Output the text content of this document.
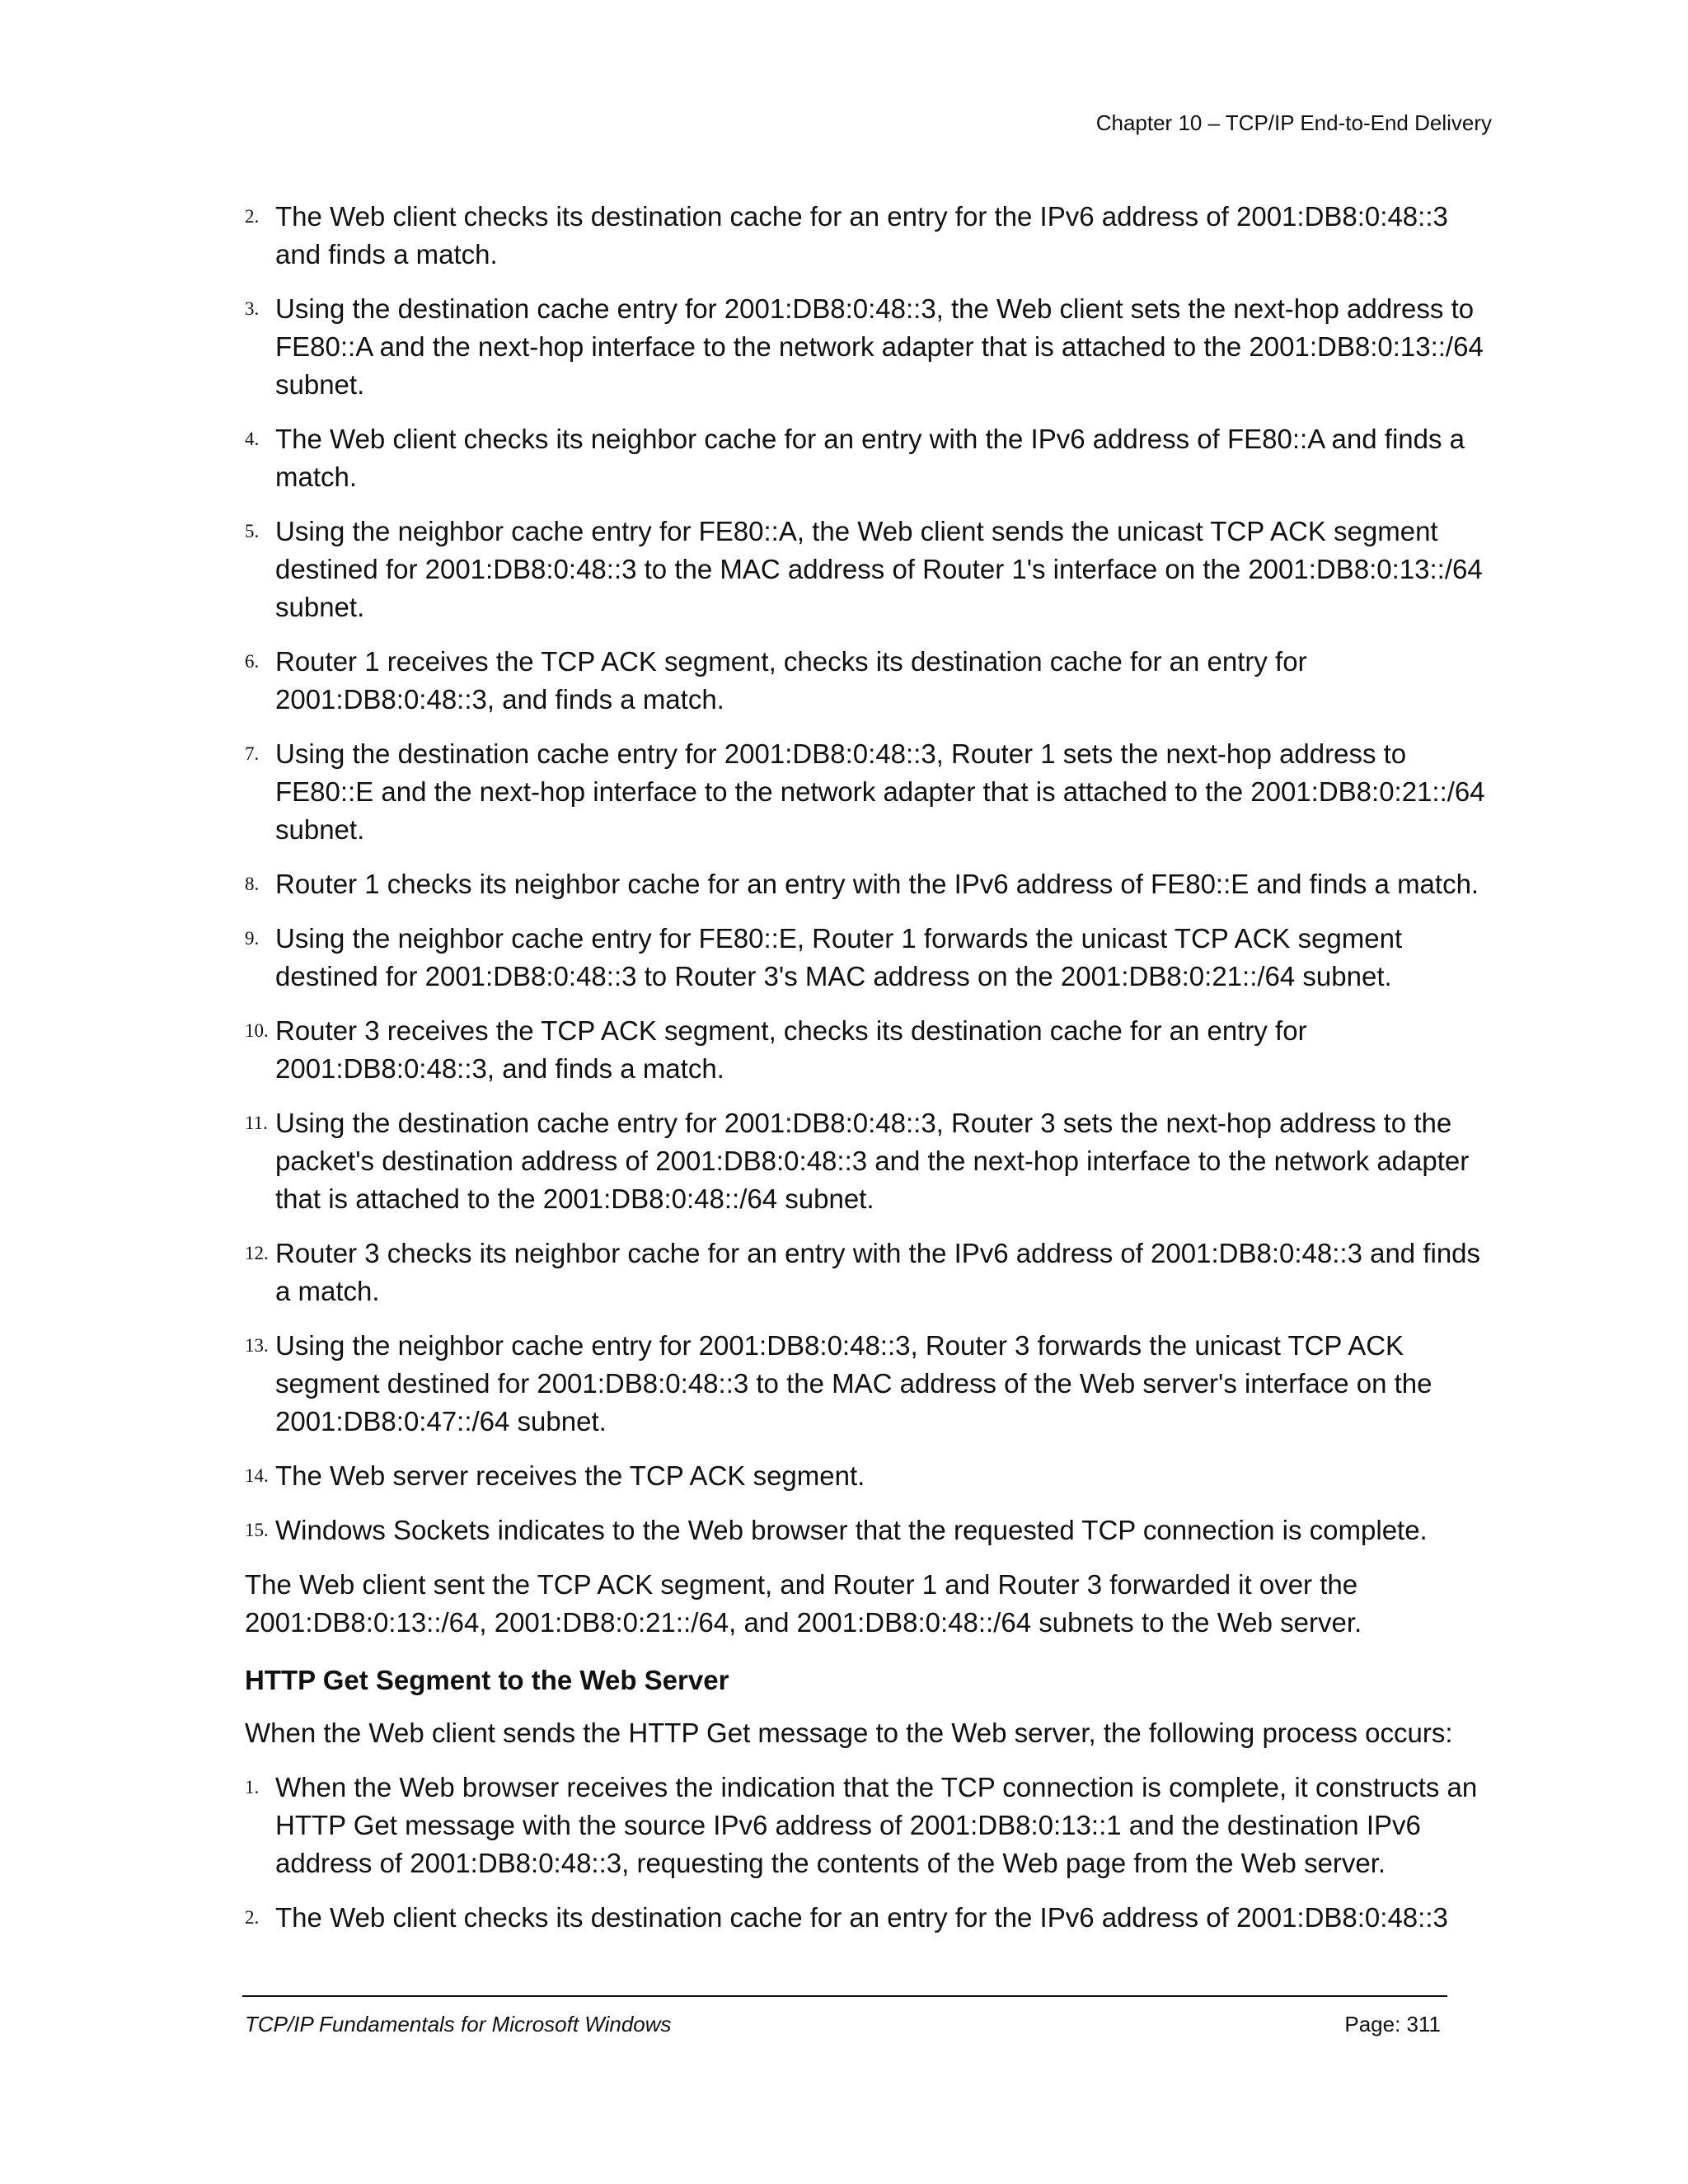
Chapter 10 – TCP/IP End-to-End Delivery
2. The Web client checks its destination cache for an entry for the IPv6 address of 2001:DB8:0:48::3 and finds a match.
3. Using the destination cache entry for 2001:DB8:0:48::3, the Web client sets the next-hop address to FE80::A and the next-hop interface to the network adapter that is attached to the 2001:DB8:0:13::/64 subnet.
4. The Web client checks its neighbor cache for an entry with the IPv6 address of FE80::A and finds a match.
5. Using the neighbor cache entry for FE80::A, the Web client sends the unicast TCP ACK segment destined for 2001:DB8:0:48::3 to the MAC address of Router 1's interface on the 2001:DB8:0:13::/64 subnet.
6. Router 1 receives the TCP ACK segment, checks its destination cache for an entry for 2001:DB8:0:48::3, and finds a match.
7. Using the destination cache entry for 2001:DB8:0:48::3, Router 1 sets the next-hop address to FE80::E and the next-hop interface to the network adapter that is attached to the 2001:DB8:0:21::/64 subnet.
8. Router 1 checks its neighbor cache for an entry with the IPv6 address of FE80::E and finds a match.
9. Using the neighbor cache entry for FE80::E, Router 1 forwards the unicast TCP ACK segment destined for 2001:DB8:0:48::3 to Router 3's MAC address on the 2001:DB8:0:21::/64 subnet.
10. Router 3 receives the TCP ACK segment, checks its destination cache for an entry for 2001:DB8:0:48::3, and finds a match.
11. Using the destination cache entry for 2001:DB8:0:48::3, Router 3 sets the next-hop address to the packet's destination address of 2001:DB8:0:48::3 and the next-hop interface to the network adapter that is attached to the 2001:DB8:0:48::/64 subnet.
12. Router 3 checks its neighbor cache for an entry with the IPv6 address of 2001:DB8:0:48::3 and finds a match.
13. Using the neighbor cache entry for 2001:DB8:0:48::3, Router 3 forwards the unicast TCP ACK segment destined for 2001:DB8:0:48::3 to the MAC address of the Web server's interface on the 2001:DB8:0:47::/64 subnet.
14. The Web server receives the TCP ACK segment.
15. Windows Sockets indicates to the Web browser that the requested TCP connection is complete.

The Web client sent the TCP ACK segment, and Router 1 and Router 3 forwarded it over the 2001:DB8:0:13::/64, 2001:DB8:0:21::/64, and 2001:DB8:0:48::/64 subnets to the Web server.

HTTP Get Segment to the Web Server

When the Web client sends the HTTP Get message to the Web server, the following process occurs:

1. When the Web browser receives the indication that the TCP connection is complete, it constructs an HTTP Get message with the source IPv6 address of 2001:DB8:0:13::1 and the destination IPv6 address of 2001:DB8:0:48::3, requesting the contents of the Web page from the Web server.
2. The Web client checks its destination cache for an entry for the IPv6 address of 2001:DB8:0:48::3
TCP/IP Fundamentals for Microsoft Windows	Page: 311
